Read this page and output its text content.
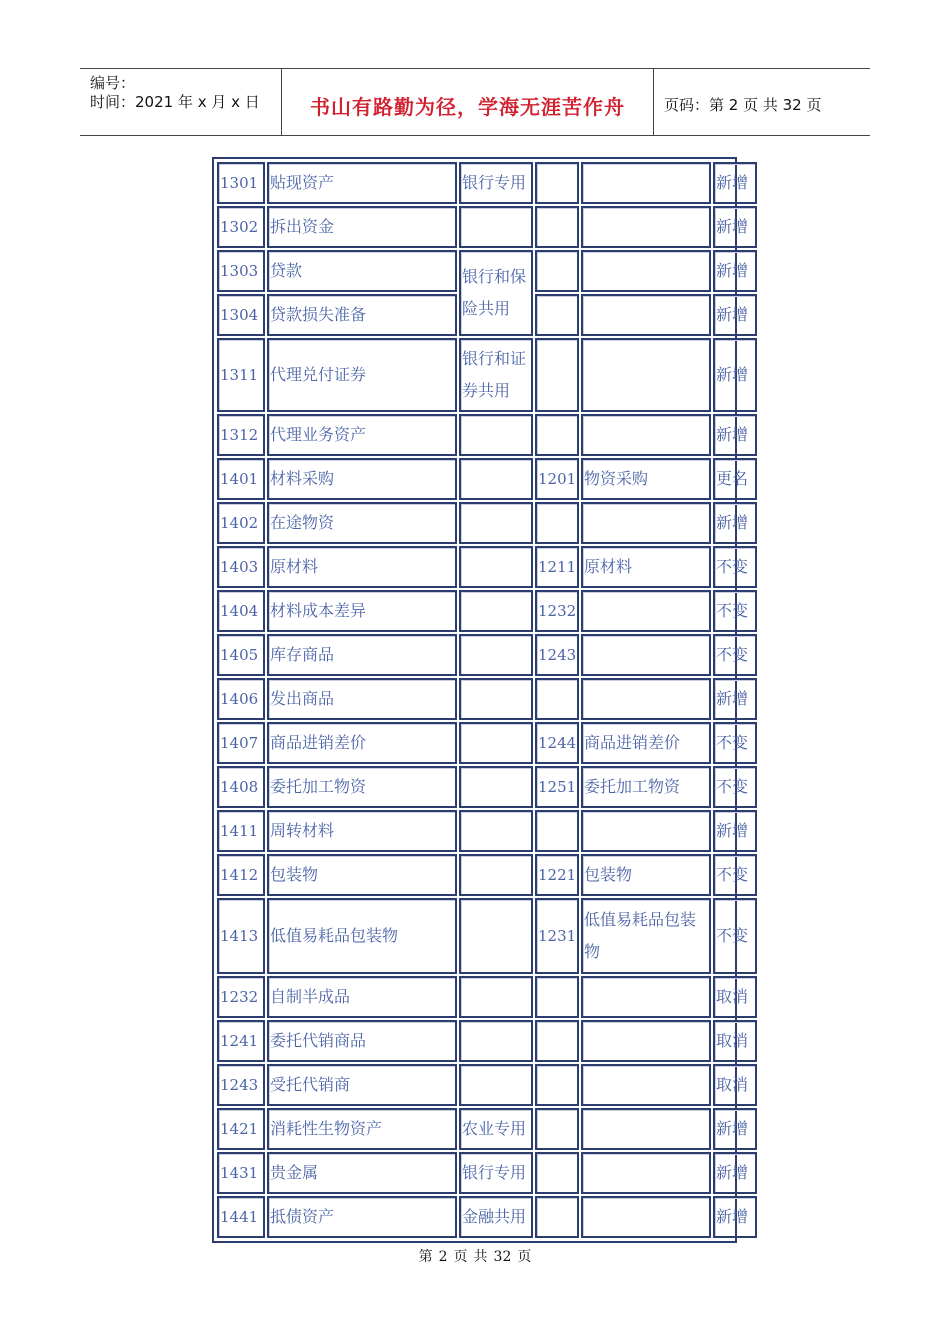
编号：
时间：2021 年 x 月 x 日	书山有路勤为径，学海无涯苦作舟	页码：第 2 页 共 32 页
1301	贴现资产	银行专用			新增
1302	拆出资金				新增
1303	贷款	银行和保险共用			新增
1304	贷款损失准备				新增
1311	代理兑付证券	银行和证券共用			新增
1312	代理业务资产				新增
1401	材料采购		1201	物资采购	更名
1402	在途物资				新增
1403	原材料		1211	原材料	不变
1404	材料成本差异		1232		不变
1405	库存商品		1243		不变
1406	发出商品				新增
1407	商品进销差价		1244	商品进销差价	不变
1408	委托加工物资		1251	委托加工物资	不变
1411	周转材料				新增
1412	包装物		1221	包装物	不变
1413	低值易耗品包装物		1231	低值易耗品包装物	不变
1232	自制半成品				取消
1241	委托代销商品				取消
1243	受托代销商				取消
1421	消耗性生物资产	农业专用			新增
1431	贵金属	银行专用			新增
1441	抵债资产	金融共用			新增
第 2 页 共 32 页
